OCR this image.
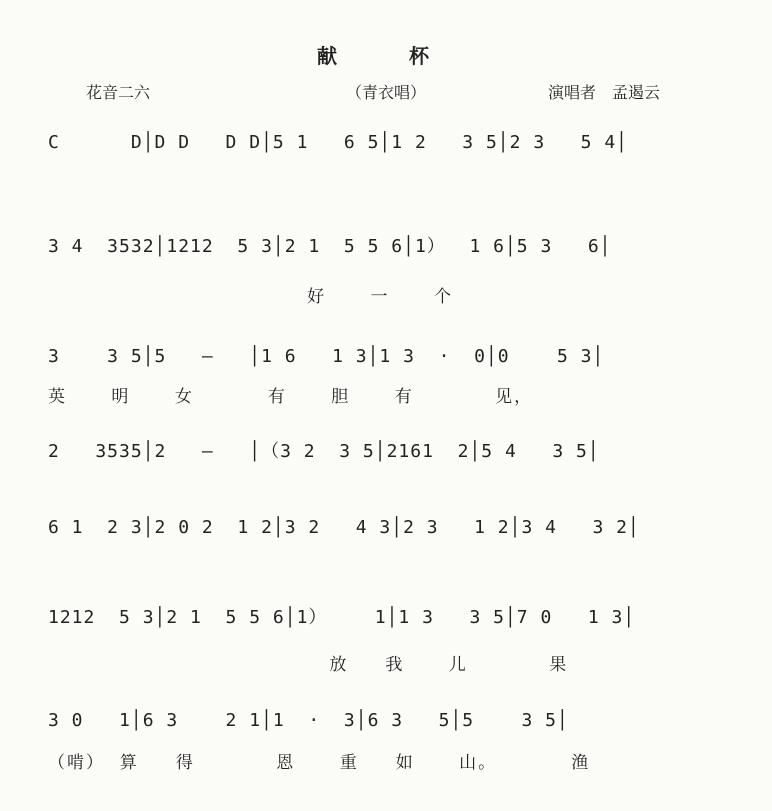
献　杯
花音二六	（青衣唱）	演唱者　孟遏云
C      D│D D   D D│5 1   6 5│1 2   3 5│2 3   5 4│
3 4  3532│1212  5 3│2 1  5 5 6│1）  1 6│5 3   6│
好      一      个
3    3 5│5   —   │1 6   1 3│1 3  ·  0│0    5 3│
英      明      女          有      胆      有           见，
2   3535│2   —   │（3 2  3 5│2161  2│5 4   3 5│
6 1  2 3│2 0 2  1 2│3 2   4 3│2 3   1 2│3 4   3 2│
1212  5 3│2 1  5 5 6│1）    1│1 3   3 5│7 0   1 3│
放     我      儿           果
3 0   1│6 3    2 1│1  ·  3│6 3   5│5    3 5│
（啃）  算     得           恩      重     如      山。          渔
